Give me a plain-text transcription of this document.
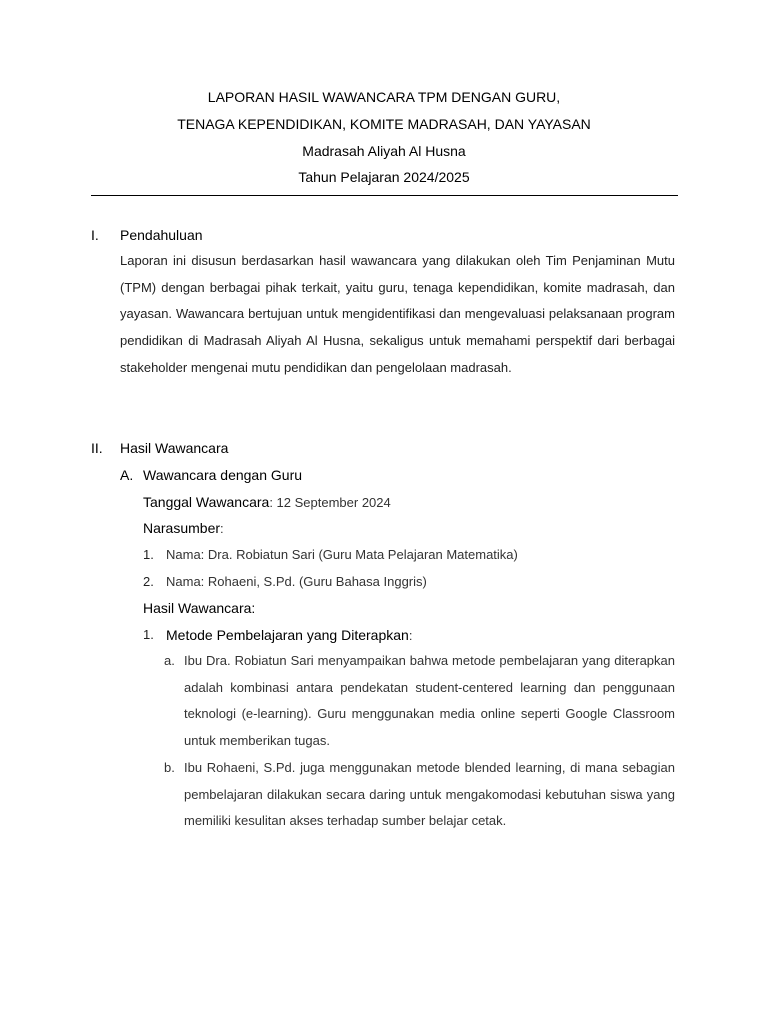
LAPORAN HASIL WAWANCARA TPM DENGAN GURU,
TENAGA KEPENDIDIKAN, KOMITE MADRASAH, DAN YAYASAN
Madrasah Aliyah Al Husna
Tahun Pelajaran 2024/2025
I. Pendahuluan
Laporan ini disusun berdasarkan hasil wawancara yang dilakukan oleh Tim Penjaminan Mutu (TPM) dengan berbagai pihak terkait, yaitu guru, tenaga kependidikan, komite madrasah, dan yayasan. Wawancara bertujuan untuk mengidentifikasi dan mengevaluasi pelaksanaan program pendidikan di Madrasah Aliyah Al Husna, sekaligus untuk memahami perspektif dari berbagai stakeholder mengenai mutu pendidikan dan pengelolaan madrasah.
II. Hasil Wawancara
A. Wawancara dengan Guru
Tanggal Wawancara: 12 September 2024
Narasumber:
1. Nama: Dra. Robiatun Sari (Guru Mata Pelajaran Matematika)
2. Nama: Rohaeni, S.Pd. (Guru Bahasa Inggris)
Hasil Wawancara:
1. Metode Pembelajaran yang Diterapkan:
a. Ibu Dra. Robiatun Sari menyampaikan bahwa metode pembelajaran yang diterapkan adalah kombinasi antara pendekatan student-centered learning dan penggunaan teknologi (e-learning). Guru menggunakan media online seperti Google Classroom untuk memberikan tugas.
b. Ibu Rohaeni, S.Pd. juga menggunakan metode blended learning, di mana sebagian pembelajaran dilakukan secara daring untuk mengakomodasi kebutuhan siswa yang memiliki kesulitan akses terhadap sumber belajar cetak.
